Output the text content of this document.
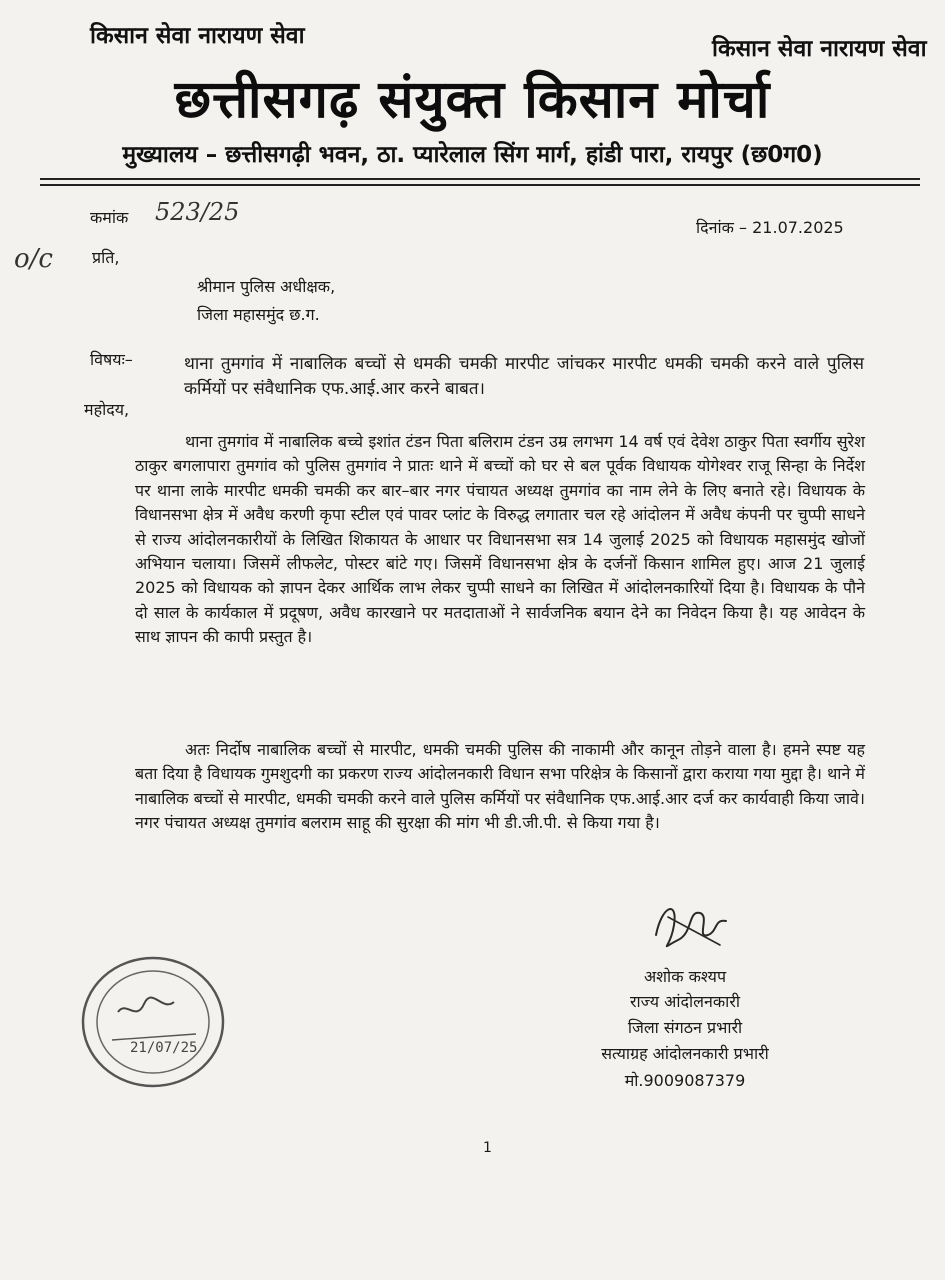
किसान सेवा नारायण सेवा	किसान सेवा नारायण सेवा
छत्तीसगढ़ संयुक्त किसान मोर्चा
मुख्यालय – छत्तीसगढ़ी भवन, ठा. प्यारेलाल सिंग मार्ग, हांडी पारा, रायपुर (छ0ग0)
कमांक 523/25
दिनांक – 21.07.2025
o/c प्रति,
श्रीमान पुलिस अधीक्षक,
जिला महासमुंद छ.ग.
विषयः–	थाना तुमगांव में नाबालिक बच्चों से धमकी चमकी मारपीट जांचकर मारपीट धमकी चमकी करने वाले पुलिस कर्मियों पर संवैधानिक एफ.आई.आर करने बाबत।
महोदय,
थाना तुमगांव में नाबालिक बच्चे इशांत टंडन पिता बलिराम टंडन उम्र लगभग 14 वर्ष एवं देवेश ठाकुर पिता स्वर्गीय सुरेश ठाकुर बगलापारा तुमगांव को पुलिस तुमगांव ने प्रातः थाने में बच्चों को घर से बल पूर्वक विधायक योगेश्वर राजू सिन्हा के निर्देश पर थाना लाके मारपीट धमकी चमकी कर बार–बार नगर पंचायत अध्यक्ष तुमगांव का नाम लेने के लिए बनाते रहे। विधायक के विधानसभा क्षेत्र में अवैध करणी कृपा स्टील एवं पावर प्लांट के विरुद्ध लगातार चल रहे आंदोलन में अवैध कंपनी पर चुप्पी साधने से राज्य आंदोलनकारीयों के लिखित शिकायत के आधार पर विधानसभा सत्र 14 जुलाई 2025 को विधायक महासमुंद खोजों अभियान चलाया। जिसमें लीफलेट, पोस्टर बांटे गए। जिसमें विधानसभा क्षेत्र के दर्जनों किसान शामिल हुए। आज 21 जुलाई 2025 को विधायक को ज्ञापन देकर आर्थिक लाभ लेकर चुप्पी साधने का लिखित में आंदोलनकारियों दिया है। विधायक के पौने दो साल के कार्यकाल में प्रदूषण, अवैध कारखाने पर मतदाताओं ने सार्वजनिक बयान देने का निवेदन किया है। यह आवेदन के साथ ज्ञापन की कापी प्रस्तुत है।
अतः निर्दोष नाबालिक बच्चों से मारपीट, धमकी चमकी पुलिस की नाकामी और कानून तोड़ने वाला है। हमने स्पष्ट यह बता दिया है विधायक गुमशुदगी का प्रकरण राज्य आंदोलनकारी विधान सभा परिक्षेत्र के किसानों द्वारा कराया गया मुद्दा है। थाने में नाबालिक बच्चों से मारपीट, धमकी चमकी करने वाले पुलिस कर्मियों पर संवैधानिक एफ.आई.आर दर्ज कर कार्यवाही किया जावे। नगर पंचायत अध्यक्ष तुमगांव बलराम साहू की सुरक्षा की मांग भी डी.जी.पी. से किया गया है।
अशोक कश्यप
राज्य आंदोलनकारी
जिला संगठन प्रभारी
सत्याग्रह आंदोलनकारी प्रभारी
मो.9009087379
21/07/25
1
